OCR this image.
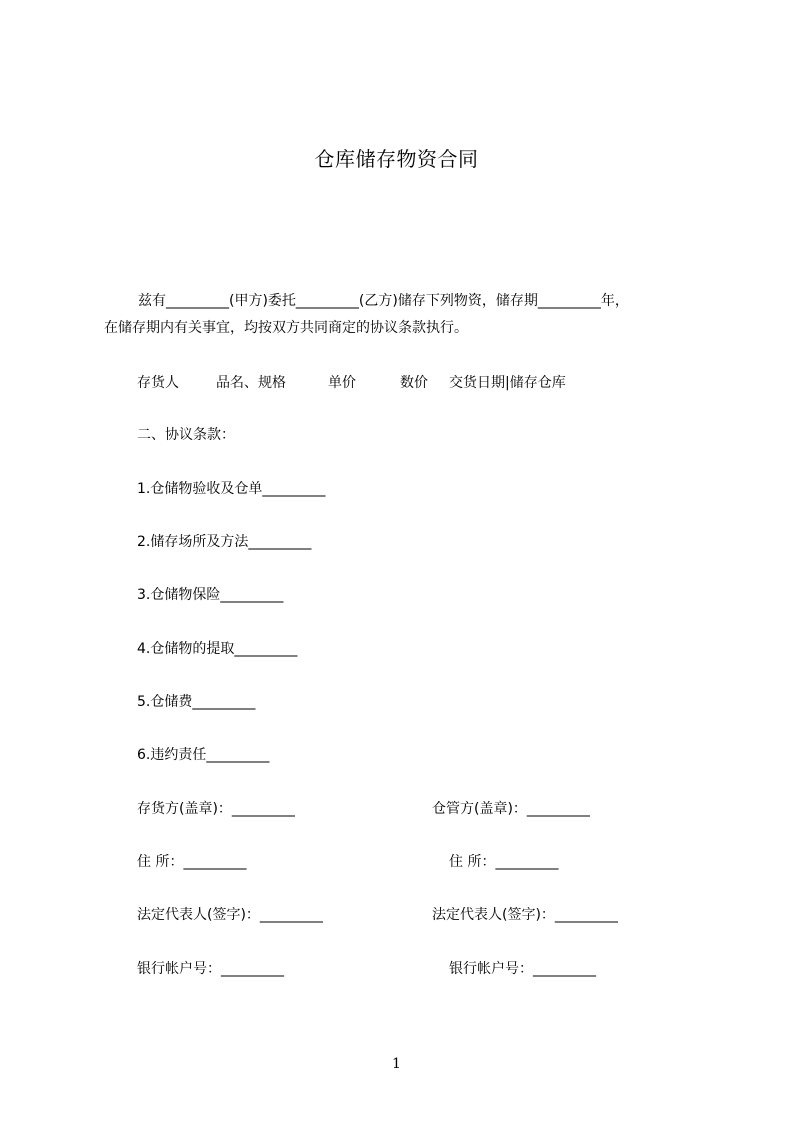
仓库储存物资合同
兹有_________(甲方)委托_________(乙方)储存下列物资，储存期_________年，
在储存期内有关事宜，均按双方共同商定的协议条款执行。
存货人	品名、规格	单价	数价 交货日期|储存仓库
二、协议条款：
1.仓储物验收及仓单_________
2.储存场所及方法_________
3.仓储物保险_________
4.仓储物的提取_________
5.仓储费_________
6.违约责任_________
存货方(盖章)：_________	仓管方(盖章)：_________
住 所：_________	住 所：_________
法定代表人(签字)：_________	法定代表人(签字)：_________
银行帐户号：_________	银行帐户号：_________
1
